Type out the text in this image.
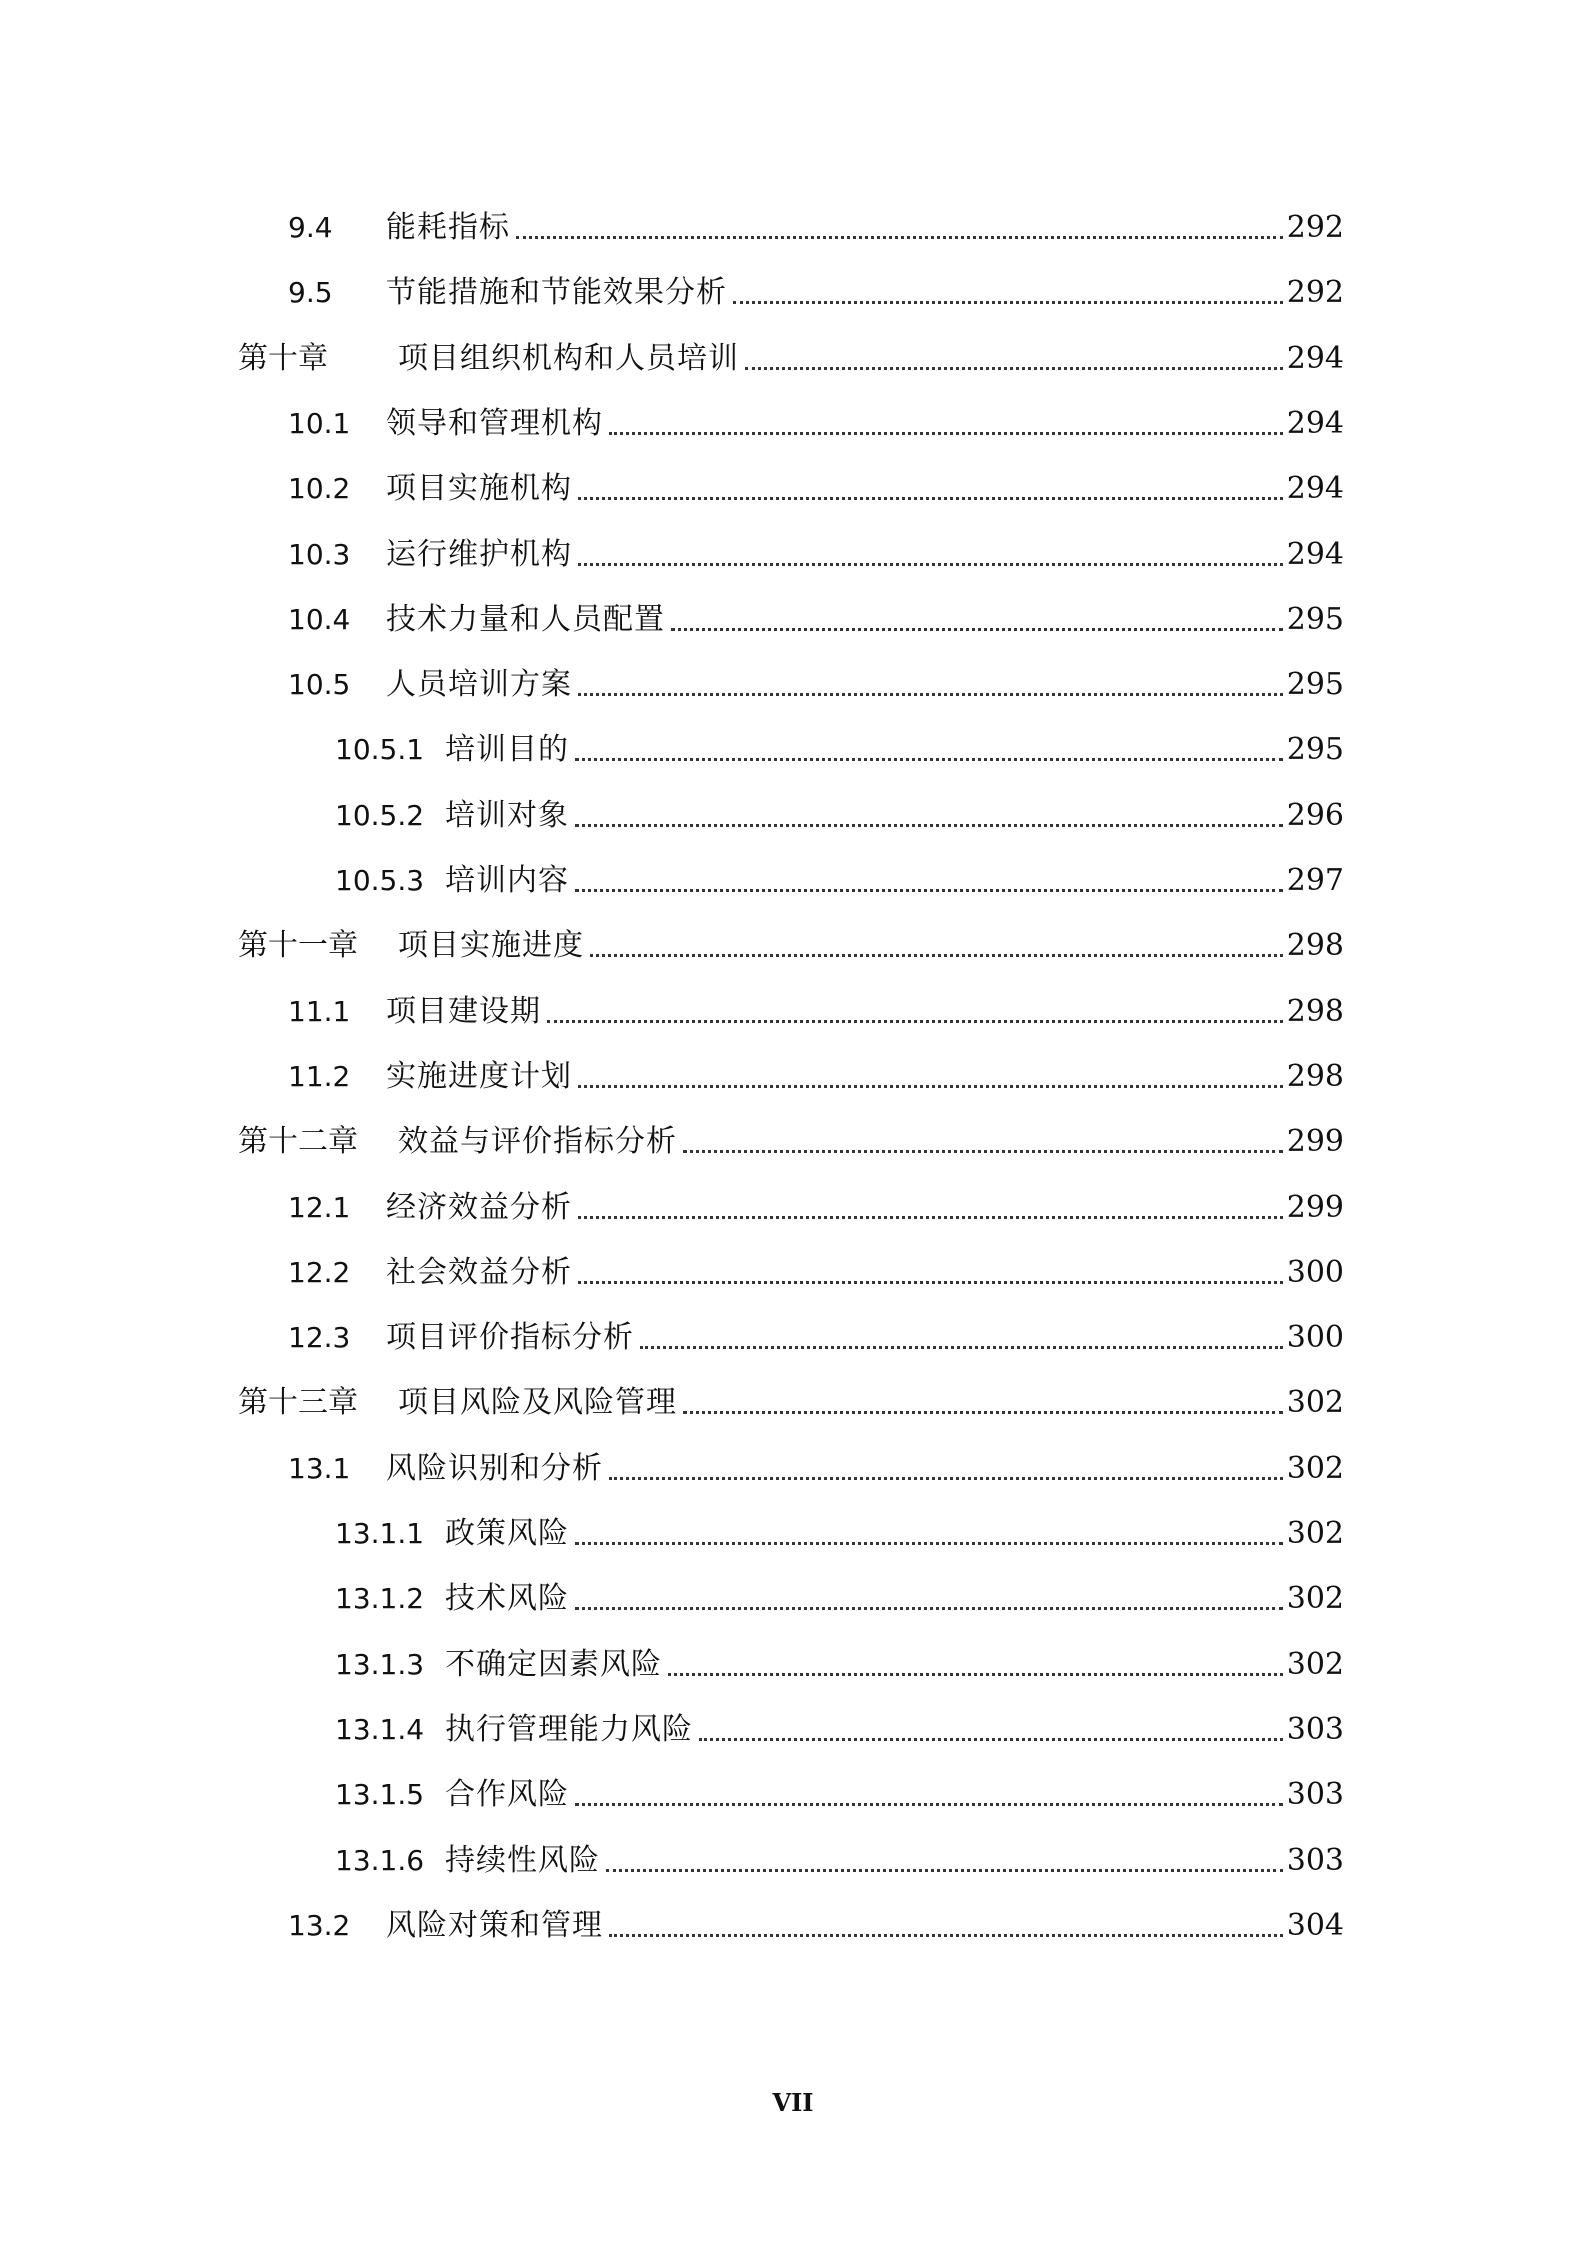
9.4	能耗指标	292
9.5	节能措施和节能效果分析	292
第十章	项目组织机构和人员培训	294
10.1	领导和管理机构	294
10.2	项目实施机构	294
10.3	运行维护机构	294
10.4	技术力量和人员配置	295
10.5	人员培训方案	295
10.5.1 培训目的	295
10.5.2 培训对象	296
10.5.3 培训内容	297
第十一章	项目实施进度	298
11.1	项目建设期	298
11.2	实施进度计划	298
第十二章	效益与评价指标分析	299
12.1	经济效益分析	299
12.2	社会效益分析	300
12.3	项目评价指标分析	300
第十三章	项目风险及风险管理	302
13.1	风险识别和分析	302
13.1.1 政策风险	302
13.1.2 技术风险	302
13.1.3 不确定因素风险	302
13.1.4 执行管理能力风险	303
13.1.5 合作风险	303
13.1.6 持续性风险	303
13.2	风险对策和管理	304
VII
